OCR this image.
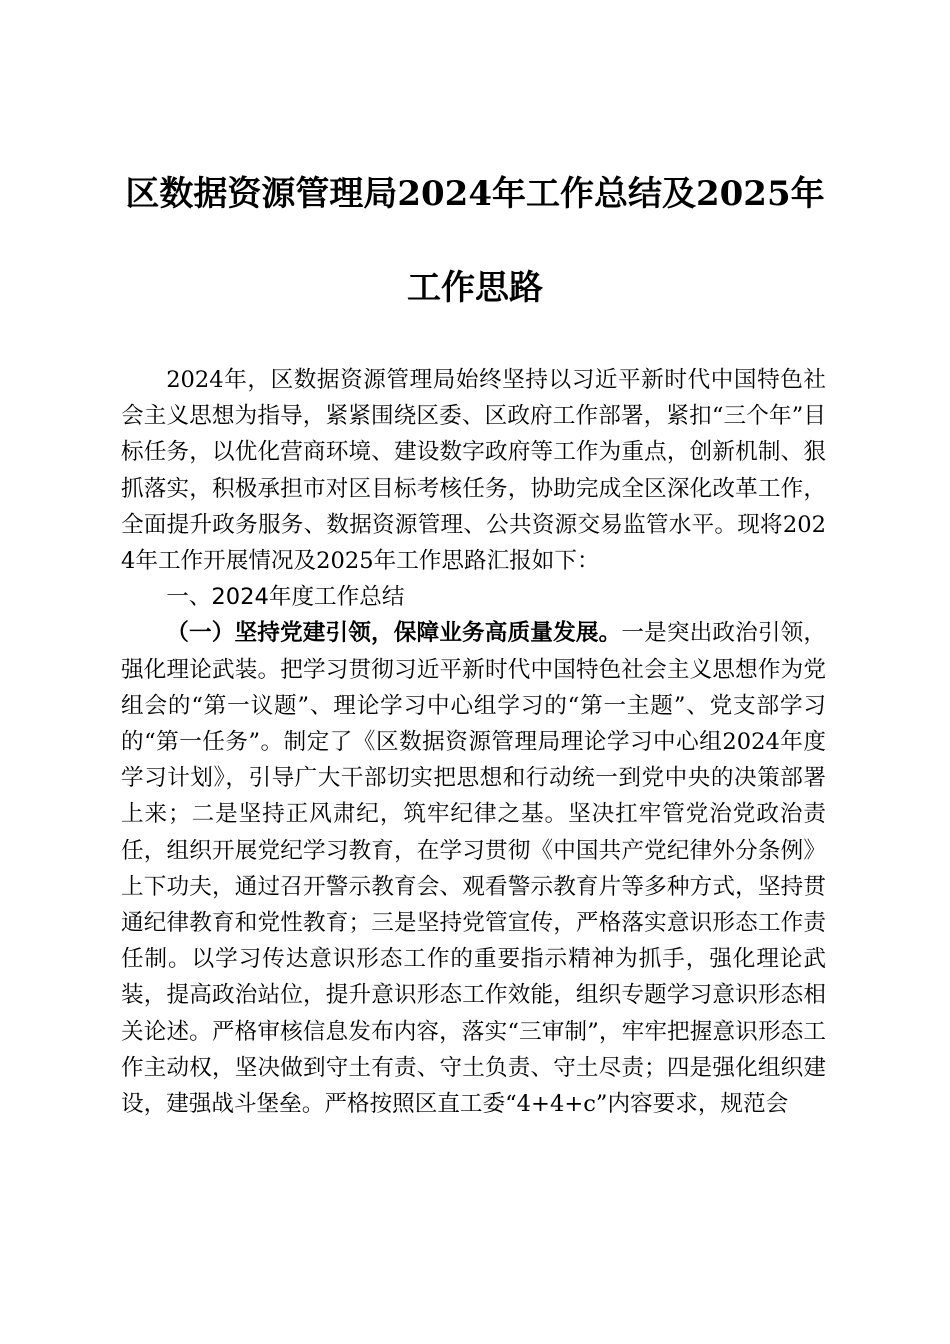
区数据资源管理局2024年工作总结及2025年
工作思路

2024年，区数据资源管理局始终坚持以习近平新时代中国特色社会主义思想为指导，紧紧围绕区委、区政府工作部署，紧扣“三个年”目标任务，以优化营商环境、建设数字政府等工作为重点，创新机制、狠抓落实，积极承担市对区目标考核任务，协助完成全区深化改革工作，全面提升政务服务、数据资源管理、公共资源交易监管水平。现将2024年工作开展情况及2025年工作思路汇报如下：

一、2024年度工作总结

（一）坚持党建引领，保障业务高质量发展。一是突出政治引领，强化理论武装。把学习贯彻习近平新时代中国特色社会主义思想作为党组会的“第一议题”、理论学习中心组学习的“第一主题”、党支部学习的“第一任务”。制定了《区数据资源管理局理论学习中心组2024年度学习计划》，引导广大干部切实把思想和行动统一到党中央的决策部署上来；二是坚持正风肃纪，筑牢纪律之基。坚决扛牢管党治党政治责任，组织开展党纪学习教育，在学习贯彻《中国共产党纪律外分条例》上下功夫，通过召开警示教育会、观看警示教育片等多种方式，坚持贯通纪律教育和党性教育；三是坚持党管宣传，严格落实意识形态工作责任制。以学习传达意识形态工作的重要指示精神为抓手，强化理论武装，提高政治站位，提升意识形态工作效能，组织专题学习意识形态相关论述。严格审核信息发布内容，落实“三审制”，牢牢把握意识形态工作主动权，坚决做到守土有责、守土负责、守土尽责；四是强化组织建设，建强战斗堡垒。严格按照区直工委“4+4+c”内容要求，规范会
